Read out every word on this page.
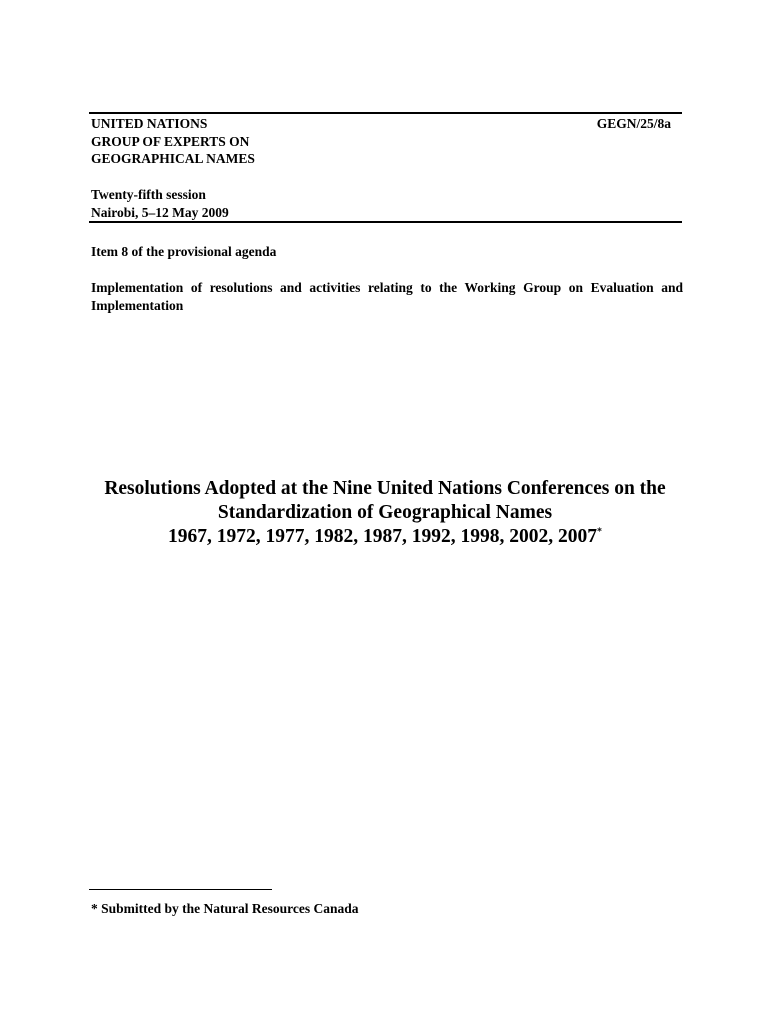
UNITED NATIONS
GROUP OF EXPERTS ON
GEOGRAPHICAL NAMES
GEGN/25/8a
Twenty-fifth session
Nairobi, 5–12 May 2009
Item 8 of the provisional agenda
Implementation of resolutions and activities relating to the Working Group on Evaluation and Implementation
Resolutions Adopted at the Nine United Nations Conferences on the
Standardization of Geographical Names
1967, 1972, 1977, 1982, 1987, 1992, 1998, 2002, 2007*
* Submitted by the Natural Resources Canada
